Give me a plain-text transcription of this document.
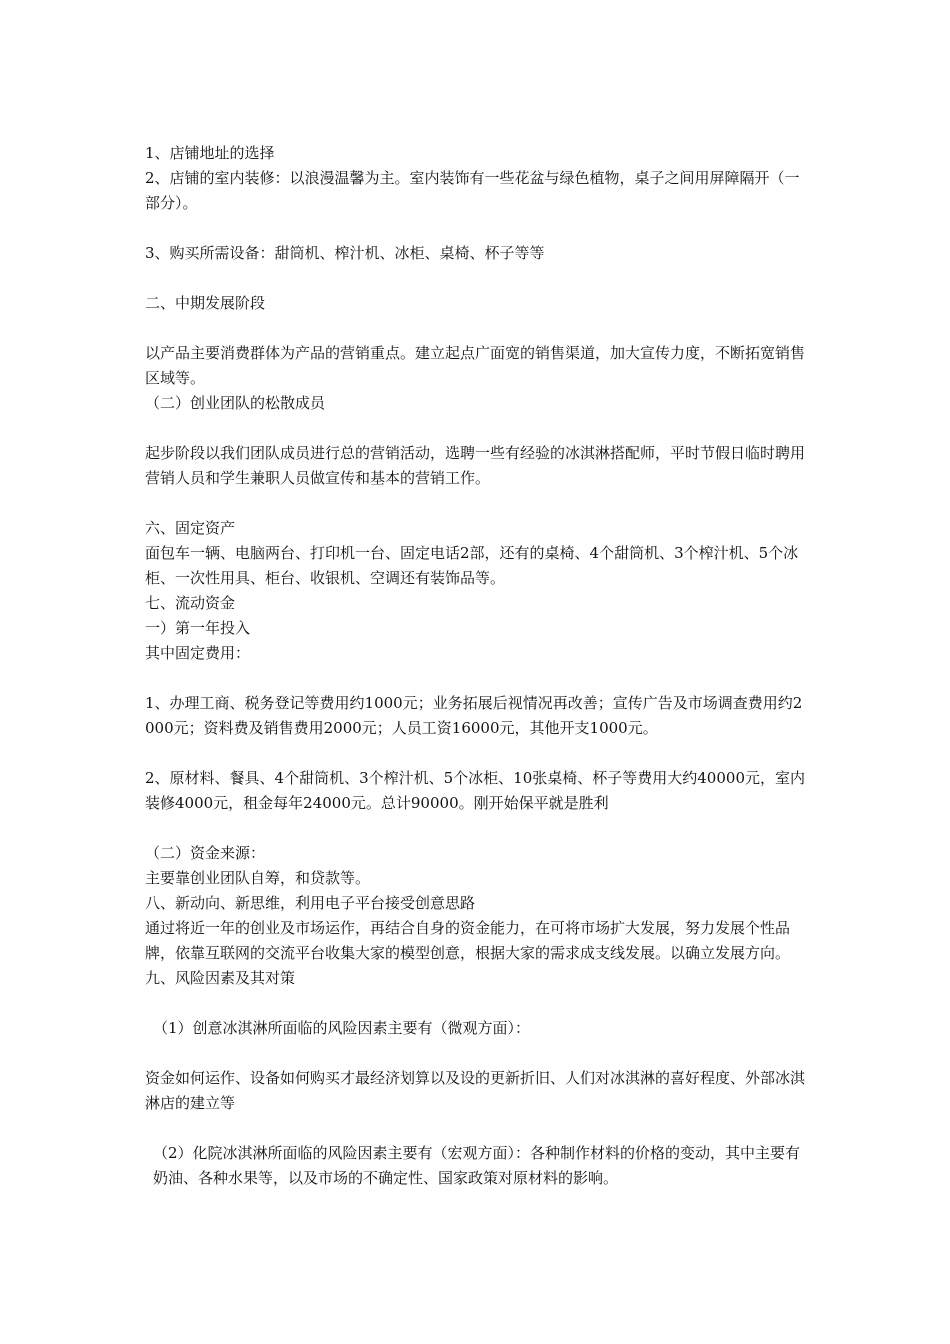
1、店铺地址的选择

2、店铺的室内装修：以浪漫温馨为主。室内装饰有一些花盆与绿色植物，桌子之间用屏障隔开（一部分）。

3、购买所需设备：甜筒机、榨汁机、冰柜、桌椅、杯子等等

二、中期发展阶段

以产品主要消费群体为产品的营销重点。建立起点广面宽的销售渠道，加大宣传力度，不断拓宽销售区域等。

（二）创业团队的松散成员

起步阶段以我们团队成员进行总的营销活动，选聘一些有经验的冰淇淋搭配师，平时节假日临时聘用营销人员和学生兼职人员做宣传和基本的营销工作。

六、固定资产

面包车一辆、电脑两台、打印机一台、固定电话2部，还有的桌椅、4个甜筒机、3个榨汁机、5个冰柜、一次性用具、柜台、收银机、空调还有装饰品等。

七、流动资金

一）第一年投入

其中固定费用：

1、办理工商、税务登记等费用约1000元；业务拓展后视情况再改善；宣传广告及市场调查费用约2000元；资料费及销售费用2000元；人员工资16000元，其他开支1000元。

2、原材料、餐具、4个甜筒机、3个榨汁机、5个冰柜、10张桌椅、杯子等费用大约40000元，室内装修4000元，租金每年24000元。总计90000。刚开始保平就是胜利

（二）资金来源：

主要靠创业团队自筹，和贷款等。

八、新动向、新思维，利用电子平台接受创意思路

通过将近一年的创业及市场运作，再结合自身的资金能力，在可将市场扩大发展，努力发展个性品牌，依靠互联网的交流平台收集大家的模型创意，根据大家的需求成支线发展。以确立发展方向。

九、风险因素及其对策

（1）创意冰淇淋所面临的风险因素主要有（微观方面）：

资金如何运作、设备如何购买才最经济划算以及设的更新折旧、人们对冰淇淋的喜好程度、外部冰淇淋店的建立等

（2）化院冰淇淋所面临的风险因素主要有（宏观方面）：各种制作材料的价格的变动，其中主要有奶油、各种水果等，以及市场的不确定性、国家政策对原材料的影响。
